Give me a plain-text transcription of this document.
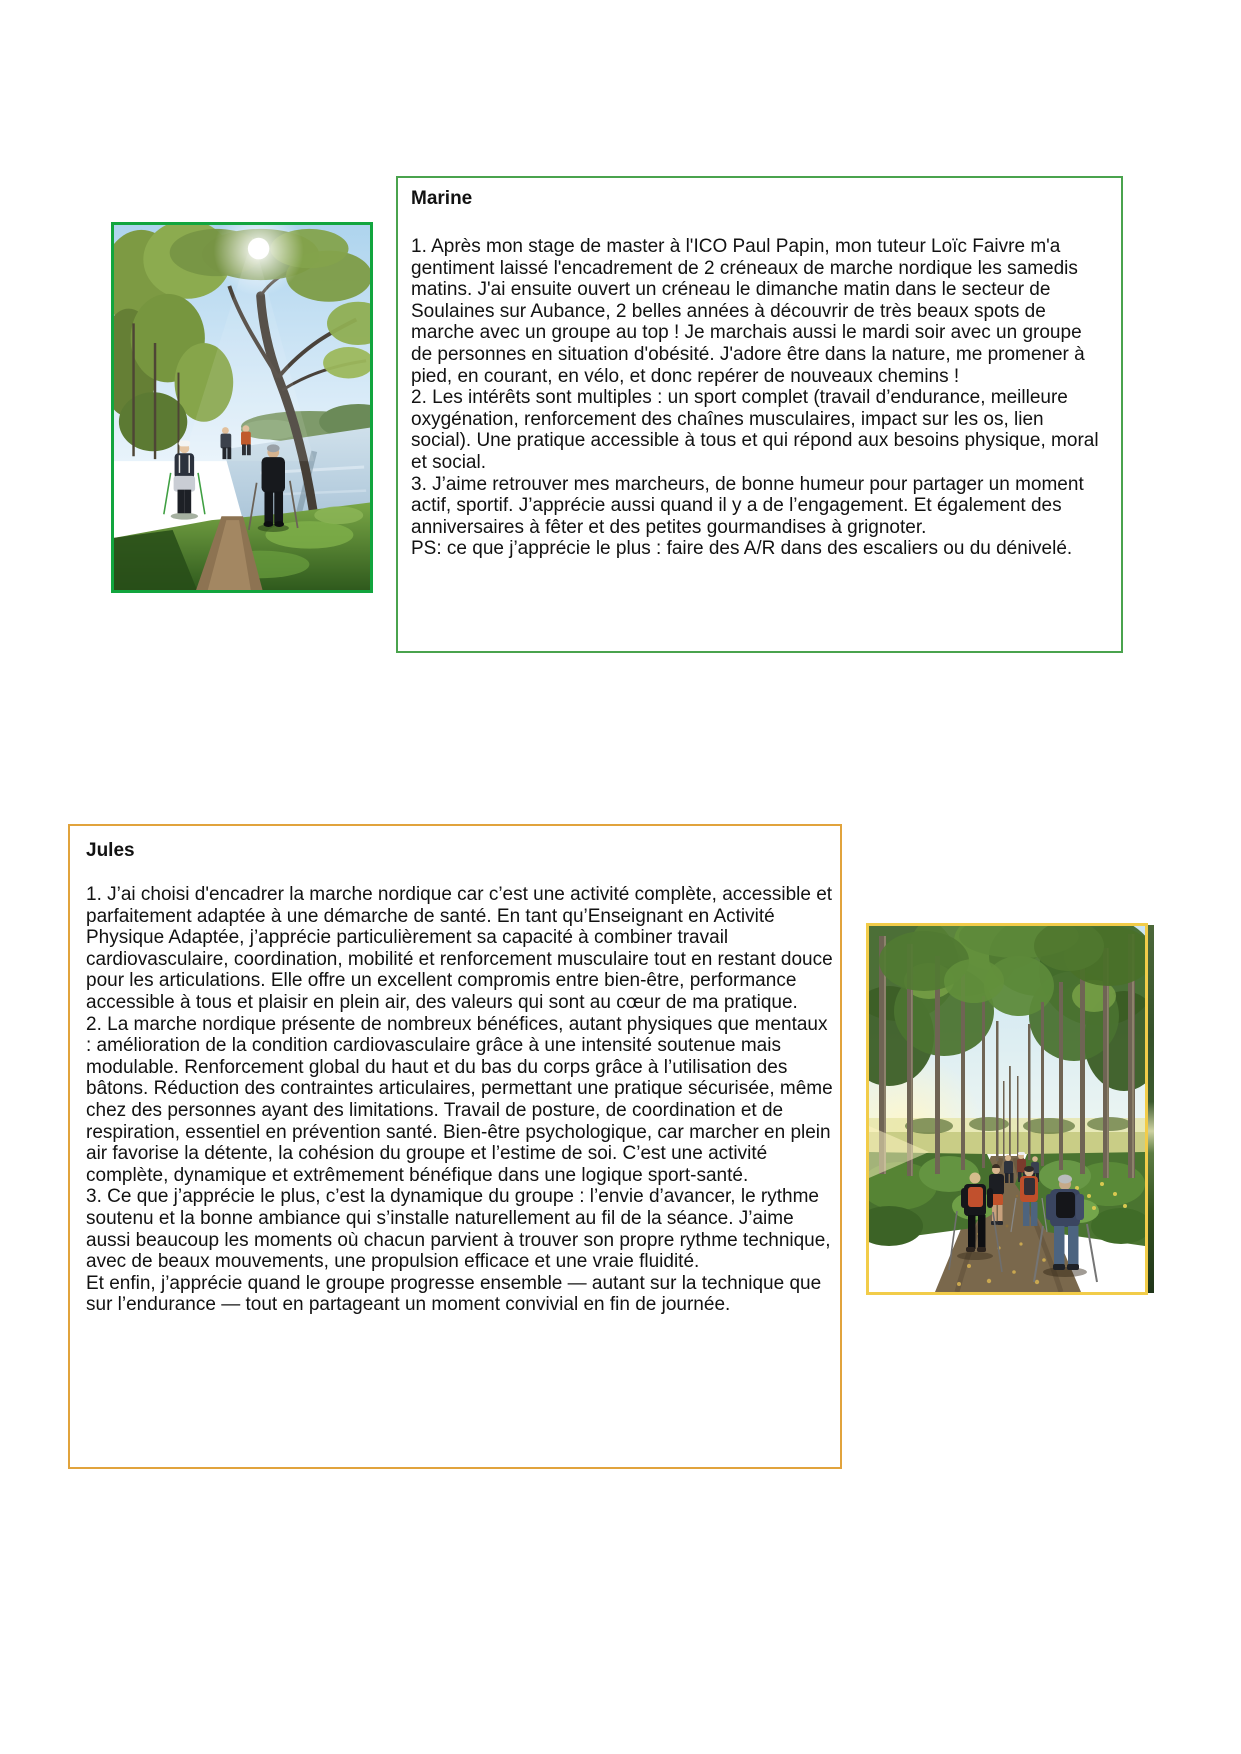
Marine

1. Après mon stage de master à l'ICO Paul Papin, mon tuteur Loïc Faivre m'a gentiment laissé l'encadrement de 2 créneaux de marche nordique les samedis matins. J'ai ensuite ouvert un créneau le dimanche matin dans le secteur de Soulaines sur Aubance, 2 belles années à découvrir de très beaux spots de marche avec un groupe au top ! Je marchais aussi le mardi soir avec un groupe de personnes en situation d'obésité. J'adore être dans la nature, me promener à pied, en courant, en vélo, et donc repérer de nouveaux chemins !

2. Les intérêts sont multiples : un sport complet (travail d’endurance, meilleure oxygénation, renforcement des chaînes musculaires, impact sur les os, lien social). Une pratique accessible à tous et qui répond aux besoins physique, moral et social.

3. J’aime retrouver mes marcheurs, de bonne humeur pour partager un moment actif, sportif. J’apprécie aussi quand il y a de l’engagement. Et également des anniversaires à fêter et des petites gourmandises à grignoter.

PS: ce que j’apprécie le plus : faire des A/R dans des escaliers ou du dénivelé.

Jules

1. J’ai choisi d'encadrer la marche nordique car c’est une activité complète, accessible et parfaitement adaptée à une démarche de santé. En tant qu’Enseignant en Activité Physique Adaptée, j’apprécie particulièrement sa capacité à combiner travail cardiovasculaire, coordination, mobilité et renforcement musculaire tout en restant douce pour les articulations. Elle offre un excellent compromis entre bien-être, performance accessible à tous et plaisir en plein air, des valeurs qui sont au cœur de ma pratique.

2. La marche nordique présente de nombreux bénéfices, autant physiques que mentaux : amélioration de la condition cardiovasculaire grâce à une intensité soutenue mais modulable. Renforcement global du haut et du bas du corps grâce à l’utilisation des bâtons. Réduction des contraintes articulaires, permettant une pratique sécurisée, même chez des personnes ayant des limitations. Travail de posture, de coordination et de respiration, essentiel en prévention santé. Bien-être psychologique, car marcher en plein air favorise la détente, la cohésion du groupe et l’estime de soi. C’est une activité complète, dynamique et extrêmement bénéfique dans une logique sport-santé.

3. Ce que j’apprécie le plus, c’est la dynamique du groupe : l’envie d’avancer, le rythme soutenu et la bonne ambiance qui s’installe naturellement au fil de la séance. J’aime aussi beaucoup les moments où chacun parvient à trouver son propre rythme technique, avec de beaux mouvements, une propulsion efficace et une vraie fluidité.

Et enfin, j’apprécie quand le groupe progresse ensemble — autant sur la technique que sur l’endurance — tout en partageant un moment convivial en fin de journée.
